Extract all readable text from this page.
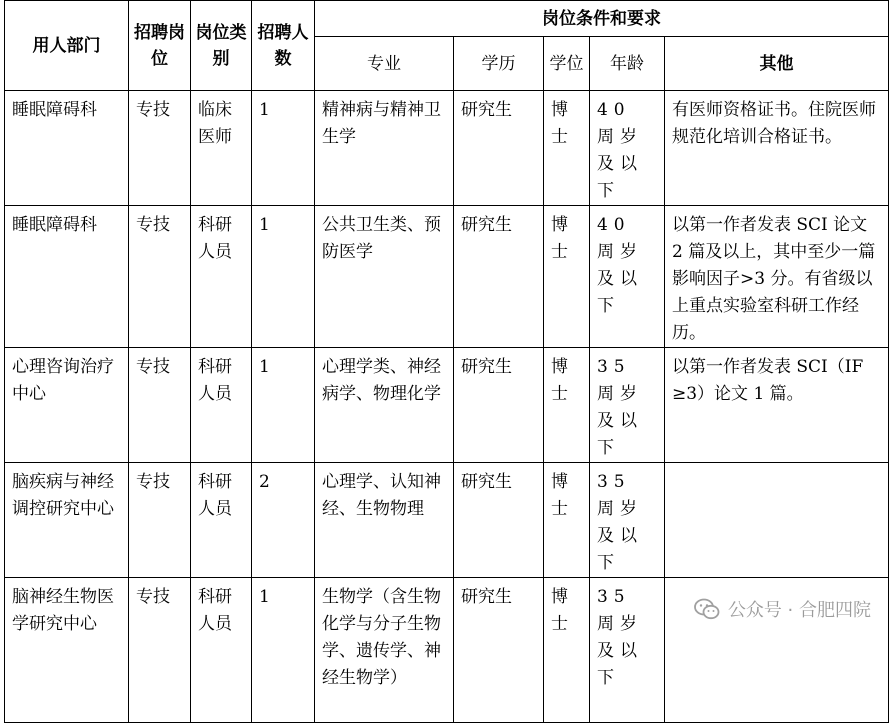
用人部门	招聘岗位	岗位类别	招聘人数	岗位条件和要求				
				专业	学历	学位	年龄	其他
睡眠障碍科	专技	临床医师	1	精神病与精神卫生学	研究生	博士	40 周岁 及以下	有医师资格证书。住院医师规范化培训合格证书。
睡眠障碍科	专技	科研人员	1	公共卫生类、预防医学	研究生	博士	40 周岁 及以下	以第一作者发表 SCI 论文 2 篇及以上，其中至少一篇影响因子>3 分。有省级以上重点实验室科研工作经历。
心理咨询治疗中心	专技	科研人员	1	心理学类、神经病学、物理化学	研究生	博士	35 周岁 及以下	以第一作者发表 SCI（IF ≥3）论文 1 篇。
脑疾病与神经调控研究中心	专技	科研人员	2	心理学、认知神经、生物物理	研究生	博士	35 周岁 及以下	
脑神经生物医学研究中心	专技	科研人员	1	生物学（含生物化学与分子生物学、遗传学、神经生物学）	研究生	博士	35 周岁 及以下	
公众号 · 合肥四院
